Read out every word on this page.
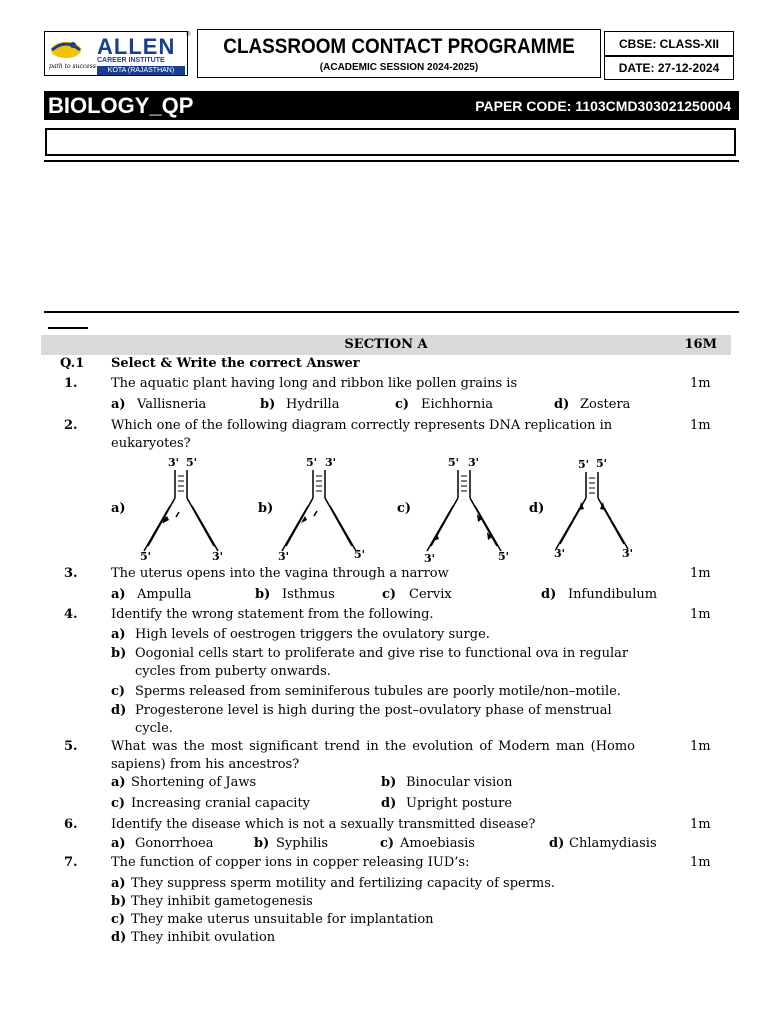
ALLEN ®
CAREER INSTITUTE
KOTA (RAJASTHAN)
path to success
CLASSROOM CONTACT PROGRAMME
(ACADEMIC SESSION 2024-2025)
CBSE: CLASS-XII
DATE: 27-12-2024
BIOLOGY_QP	PAPER CODE: 1103CMD303021250004
SECTION A	16M
Q.1 Select & Write the correct Answer
1.	The aquatic plant having long and ribbon like pollen grains is	1m
a) Vallisneria	b) Hydrilla	c) Eichhornia	d) Zostera
2.	Which one of the following diagram correctly represents DNA replication in
eukaryotes?
1m
a)	b)	c)	d)
3' 5'
5'	3'
5' 3'
3'	5'
5' 3'
3'	5'
5' 5'
3'	3'
3.	The uterus opens into the vagina through a narrow	1m
a) Ampulla	b) Isthmus	c) Cervix	d) Infundibulum
4.	Identify the wrong statement from the following.	1m
a) High levels of oestrogen triggers the ovulatory surge.
b) Oogonial cells start to proliferate and give rise to functional ova in regular
cycles from puberty onwards.
c) Sperms released from seminiferous tubules are poorly motile/non–motile.
d) Progesterone level is high during the post–ovulatory phase of menstrual
cycle.
5.	What was the most significant trend in the evolution of Modern man (Homo
sapiens) from his ancestros?
1m
a) Shortening of Jaws	b) Binocular vision
c) Increasing cranial capacity	d) Upright posture
6.	Identify the disease which is not a sexually transmitted disease?	1m
a) Gonorrhoea	b) Syphilis	c) Amoebiasis	d) Chlamydiasis
7.	The function of copper ions in copper releasing IUD’s:	1m
a) They suppress sperm motility and fertilizing capacity of sperms.
b) They inhibit gametogenesis
c) They make uterus unsuitable for implantation
d) They inhibit ovulation
